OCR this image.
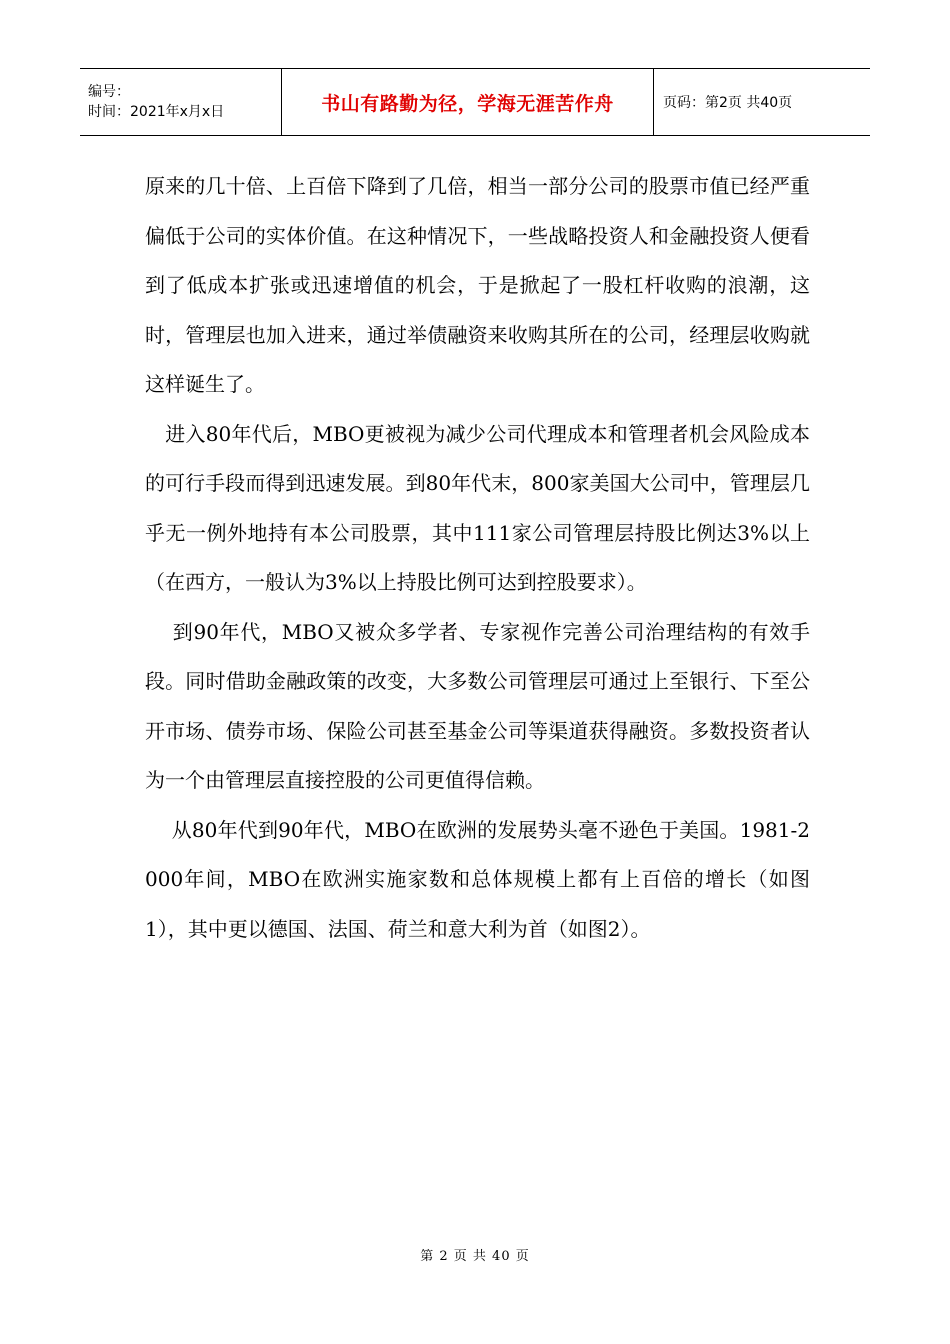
编号：
时间：2021年x月x日	书山有路勤为径，学海无涯苦作舟	页码：第2页 共40页

原来的几十倍、上百倍下降到了几倍，相当一部分公司的股票市值已经严重偏低于公司的实体价值。在这种情况下，一些战略投资人和金融投资人便看到了低成本扩张或迅速增值的机会，于是掀起了一股杠杆收购的浪潮，这时，管理层也加入进来，通过举债融资来收购其所在的公司，经理层收购就这样诞生了。

　进入80年代后，MBO更被视为减少公司代理成本和管理者机会风险成本的可行手段而得到迅速发展。到80年代末，800家美国大公司中，管理层几乎无一例外地持有本公司股票，其中111家公司管理层持股比例达3%以上（在西方，一般认为3%以上持股比例可达到控股要求）。

　 到90年代，MBO又被众多学者、专家视作完善公司治理结构的有效手段。同时借助金融政策的改变，大多数公司管理层可通过上至银行、下至公开市场、债券市场、保险公司甚至基金公司等渠道获得融资。多数投资者认为一个由管理层直接控股的公司更值得信赖。

　 从80年代到90年代，MBO在欧洲的发展势头毫不逊色于美国。1981-2000年间，MBO在欧洲实施家数和总体规模上都有上百倍的增长（如图1），其中更以德国、法国、荷兰和意大利为首（如图2）。

第 2 页 共 40 页
